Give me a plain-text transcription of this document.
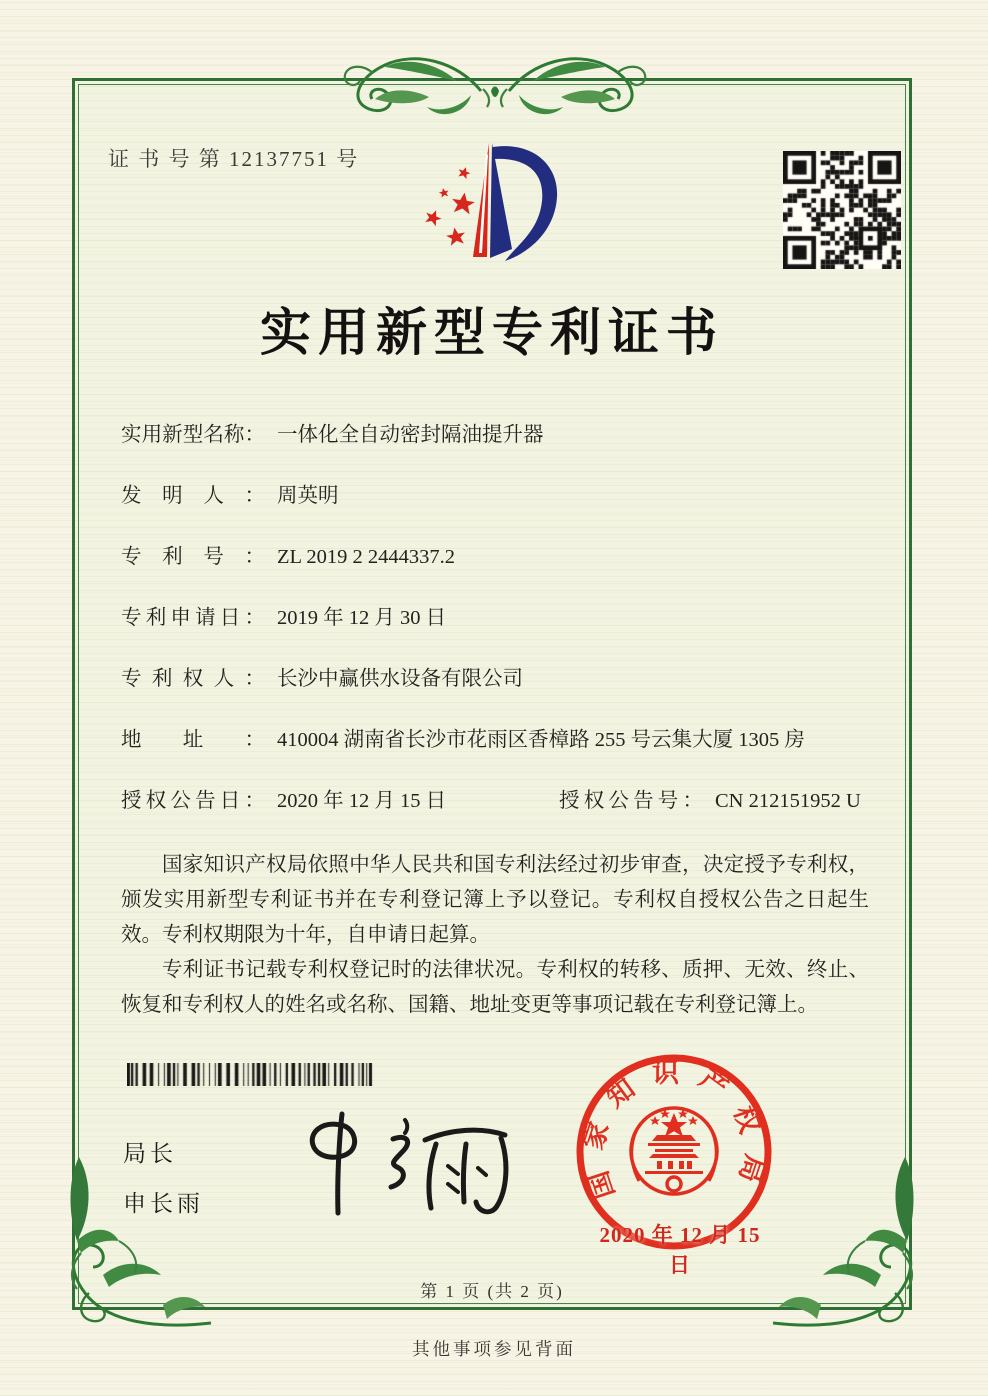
证 书 号 第 12137751 号
实用新型专利证书
实用新型名称： 一体化全自动密封隔油提升器
发明人： 周英明
专利号： ZL 2019 2 2444337.2
专利申请日： 2019 年 12 月 30 日
专利权人： 长沙中赢供水设备有限公司
地址： 410004 湖南省长沙市花雨区香樟路 255 号云集大厦 1305 房
授权公告日： 2020 年 12 月 15 日	授权公告号： CN 212151952 U

国家知识产权局依照中华人民共和国专利法经过初步审查，决定授予专利权，颁发实用新型专利证书并在专利登记簿上予以登记。专利权自授权公告之日起生效。专利权期限为十年，自申请日起算。

专利证书记载专利权登记时的法律状况。专利权的转移、质押、无效、终止、恢复和专利权人的姓名或名称、国籍、地址变更等事项记载在专利登记簿上。

局长
申长雨
国家知识产权局
2020 年 12 月 15 日
第 1 页 (共 2 页)
其他事项参见背面
